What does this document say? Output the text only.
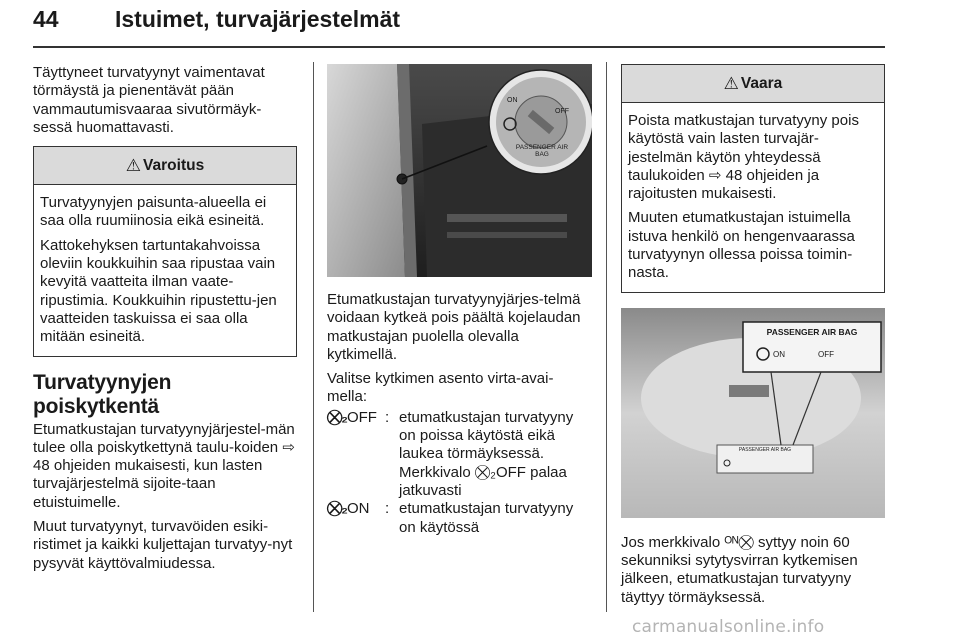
44 Istuimet, turvajärjestelmät

Täyttyneet turvatyynyt vaimentavat törmäystä ja pienentävät pään vammautumisvaaraa sivutörmäyk-sessä huomattavasti.

⚠ Varoitus

Turvatyynyjen paisunta-alueella ei saa olla ruumiinosia eikä esineitä.

Kattokehyksen tartuntakahvoissa oleviin koukkuihin saa ripustaa vain kevyitä vaatteita ilman vaate-ripustimia. Koukkuihin ripustettu-jen vaatteiden taskuissa ei saa olla mitään esineitä.

Turvatyynyjen poiskytkentä

Etumatkustajan turvatyynyjärjestel-män tulee olla poiskytkettynä taulu-koiden ⇨ 48 ohjeiden mukaisesti, kun lasten turvajärjestelmä sijoite-taan etuistuimelle.

Muut turvatyynyt, turvavöiden esiki-ristimet ja kaikki kuljettajan turvatyy-nyt pysyvät käyttövalmiudessa.

ON
OFF
PASSENGER AIR BAG

Etumatkustajan turvatyynyjärjes-telmä voidaan kytkeä pois päältä kojelaudan matkustajan puolella olevalla kytkimellä.

Valitse kytkimen asento virta-avai-mella:

⛒₂OFF : etumatkustajan turvatyyny on poissa käytöstä eikä laukea törmäyksessä. Merkkivalo ⛒₂OFF palaa jatkuvasti
⛒₂ON	: etumatkustajan turvatyyny on käytössä
⚠ Vaara

Poista matkustajan turvatyyny pois käytöstä vain lasten turvajär-jestelmän käytön yhteydessä taulukoiden ⇨ 48 ohjeiden ja rajoitusten mukaisesti.

Muuten etumatkustajan istuimella istuva henkilö on hengenvaarassa turvatyynyn ollessa poissa toimin-nasta.

PASSENGER AIR BAG
ON	OFF
PASSENGER AIR BAG

Jos merkkivalo ᴼᴺ⛒ syttyy noin 60 sekunniksi sytytysvirran kytkemisen jälkeen, etumatkustajan turvatyyny täyttyy törmäyksessä.

carmanualsonline.info
